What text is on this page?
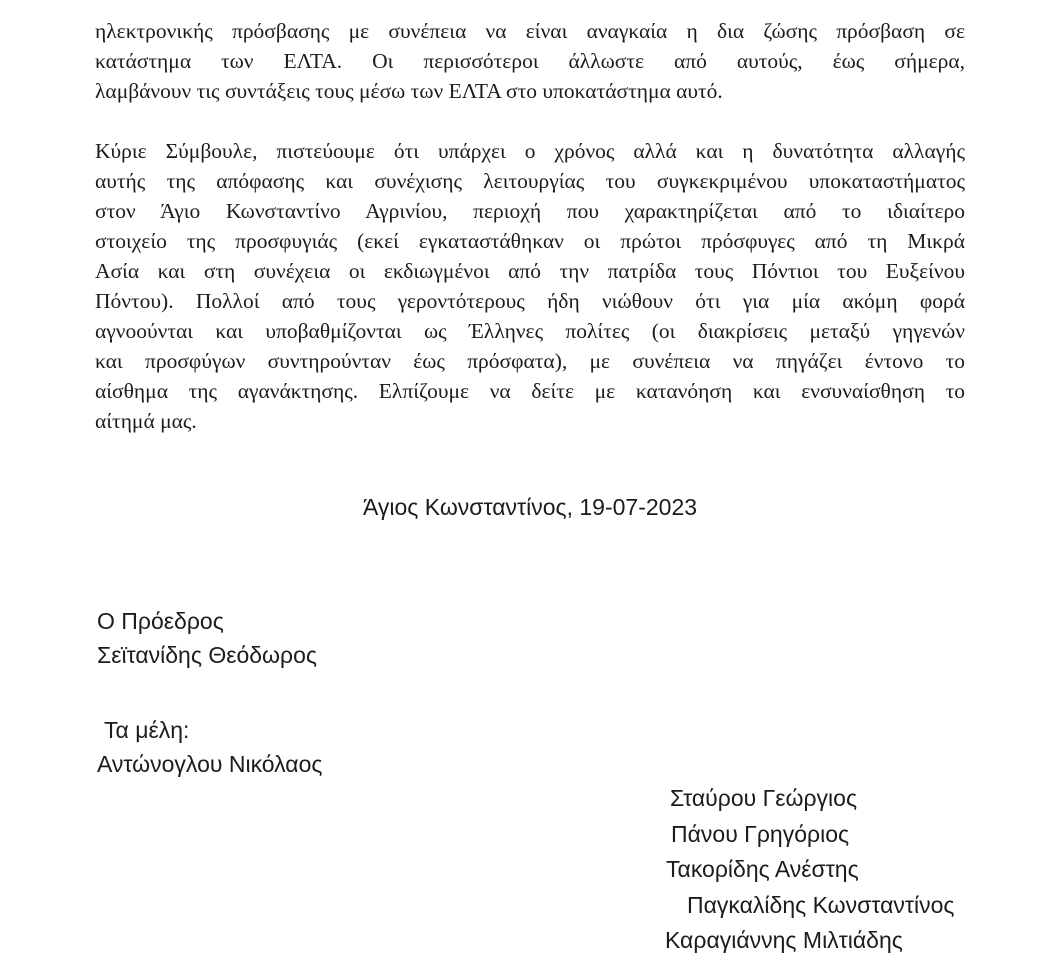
ηλεκτρονικής πρόσβασης με συνέπεια να είναι αναγκαία η δια ζώσης πρόσβαση σε
κατάστημα των ΕΛΤΑ. Οι περισσότεροι άλλωστε από αυτούς, έως σήμερα,
λαμβάνουν τις συντάξεις τους μέσω των ΕΛΤΑ στο υποκατάστημα αυτό.
Κύριε Σύμβουλε, πιστεύουμε ότι υπάρχει ο χρόνος αλλά και η δυνατότητα αλλαγής
αυτής της απόφασης και συνέχισης λειτουργίας του συγκεκριμένου υποκαταστήματος
στον Άγιο Κωνσταντίνο Αγρινίου, περιοχή που χαρακτηρίζεται από το ιδιαίτερο
στοιχείο της προσφυγιάς (εκεί εγκαταστάθηκαν οι πρώτοι πρόσφυγες από τη Μικρά
Ασία και στη συνέχεια οι εκδιωγμένοι από την πατρίδα τους Πόντιοι του Ευξείνου
Πόντου). Πολλοί από τους γεροντότερους ήδη νιώθουν ότι για μία ακόμη φορά
αγνοούνται και υποβαθμίζονται ως Έλληνες πολίτες (οι διακρίσεις μεταξύ γηγενών
και προσφύγων συντηρούνταν έως πρόσφατα), με συνέπεια να πηγάζει έντονο το
αίσθημα της αγανάκτησης. Ελπίζουμε να δείτε με κατανόηση και ενσυναίσθηση το
αίτημά μας.
Άγιος Κωνσταντίνος, 19-07-2023
Ο Πρόεδρος
Σεϊτανίδης Θεόδωρος
Τα μέλη:
Αντώνογλου Νικόλαος
Σταύρου Γεώργιος
Πάνου Γρηγόριος
Τακορίδης Ανέστης
Παγκαλίδης Κωνσταντίνος
Καραγιάννης Μιλτιάδης
